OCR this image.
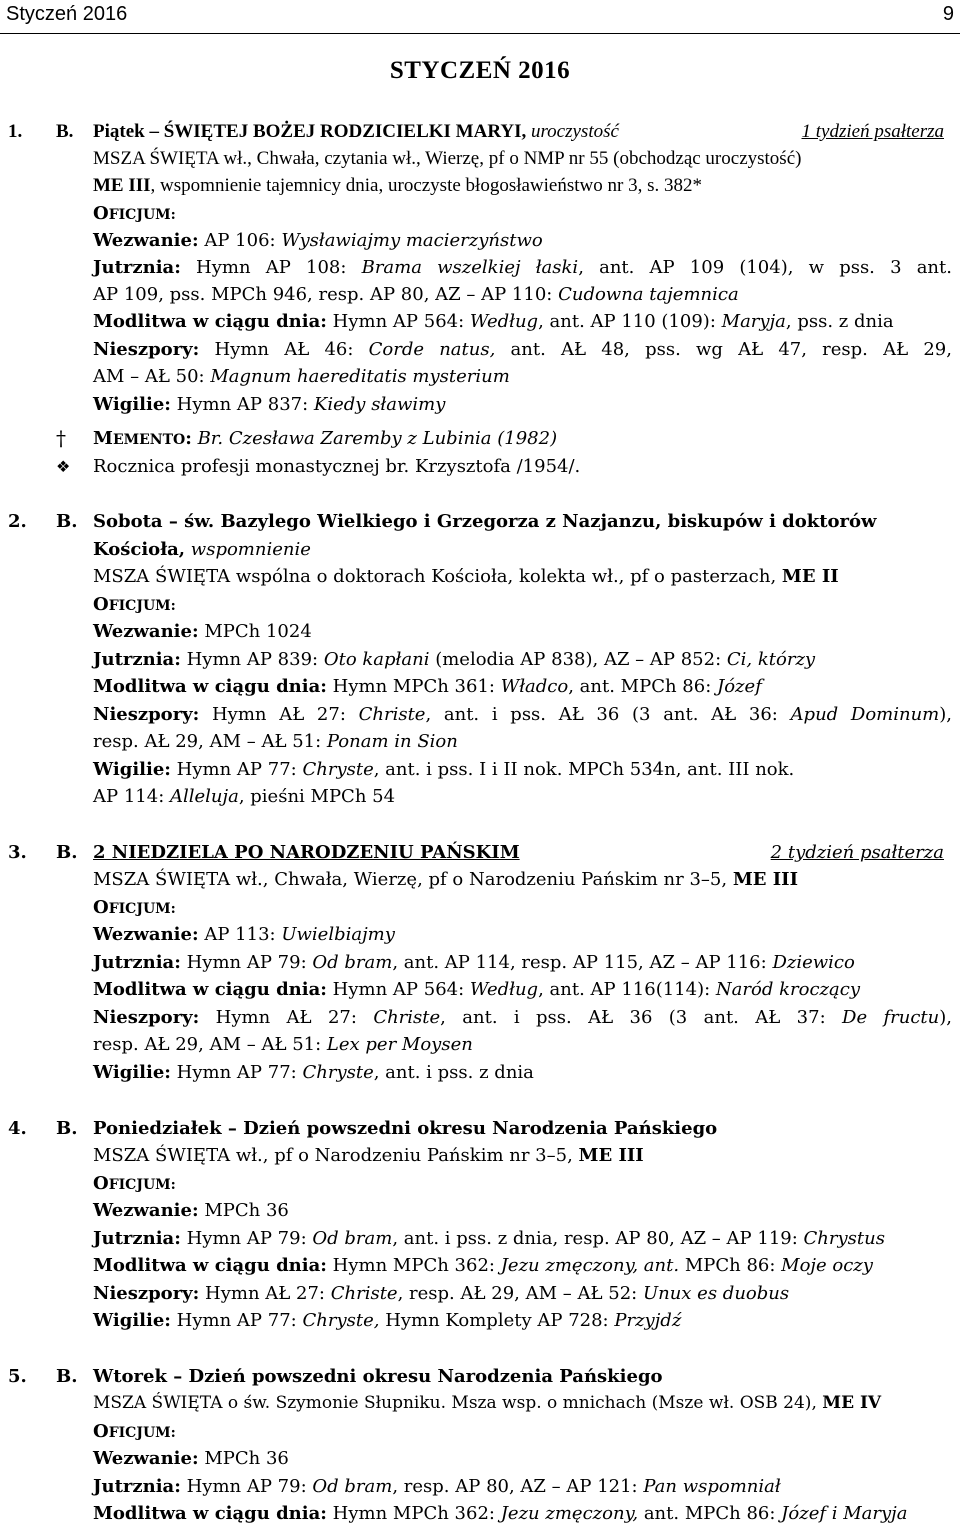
Styczeń 2016	9
STYCZEŃ 2016
1. B. Piątek – ŚWIĘTEJ BOŻEJ RODZICIELKI MARYI, uroczystość	1 tydzień psałterza
MSZA ŚWIĘTA wł., Chwała, czytania wł., Wierzę, pf o NMP nr 55 (obchodząc uroczystość)
ME III, wspomnienie tajemnicy dnia, uroczyste błogosławieństwo nr 3, s. 382*
OFICJUM:
Wezwanie: AP 106: Wysławiajmy macierzyństwo
Jutrznia: Hymn AP 108: Brama wszelkiej łaski, ant. AP 109 (104), w pss. 3 ant.
AP 109, pss. MPCh 946, resp. AP 80, AZ – AP 110: Cudowna tajemnica
Modlitwa w ciągu dnia: Hymn AP 564: Według, ant. AP 110 (109): Maryja, pss. z dnia
Nieszpory: Hymn AŁ 46: Corde natus, ant. AŁ 48, pss. wg AŁ 47, resp. AŁ 29,
AM – AŁ 50: Magnum haereditatis mysterium
Wigilie: Hymn AP 837: Kiedy sławimy
† MEMENTO: Br. Czesława Zaremby z Lubinia (1982)
❖ Rocznica profesji monastycznej br. Krzysztofa /1954/.
2. B. Sobota – św. Bazylego Wielkiego i Grzegorza z Nazjanzu, biskupów i doktorów
Kościoła, wspomnienie
MSZA ŚWIĘTA wspólna o doktorach Kościoła, kolekta wł., pf o pasterzach, ME II
OFICJUM:
Wezwanie: MPCh 1024
Jutrznia: Hymn AP 839: Oto kapłani (melodia AP 838), AZ – AP 852: Ci, którzy
Modlitwa w ciągu dnia: Hymn MPCh 361: Władco, ant. MPCh 86: Józef
Nieszpory: Hymn AŁ 27: Christe, ant. i pss. AŁ 36 (3 ant. AŁ 36: Apud Dominum),
resp. AŁ 29, AM – AŁ 51: Ponam in Sion
Wigilie: Hymn AP 77: Chryste, ant. i pss. I i II nok. MPCh 534n, ant. III nok.
AP 114: Alleluja, pieśni MPCh 54
3. B. 2 NIEDZIELA PO NARODZENIU PAŃSKIM	2 tydzień psałterza
MSZA ŚWIĘTA wł., Chwała, Wierzę, pf o Narodzeniu Pańskim nr 3–5, ME III
OFICJUM:
Wezwanie: AP 113: Uwielbiajmy
Jutrznia: Hymn AP 79: Od bram, ant. AP 114, resp. AP 115, AZ – AP 116: Dziewico
Modlitwa w ciągu dnia: Hymn AP 564: Według, ant. AP 116(114): Naród kroczący
Nieszpory: Hymn AŁ 27: Christe, ant. i pss. AŁ 36 (3 ant. AŁ 37: De fructu),
resp. AŁ 29, AM – AŁ 51: Lex per Moysen
Wigilie: Hymn AP 77: Chryste, ant. i pss. z dnia
4. B. Poniedziałek – Dzień powszedni okresu Narodzenia Pańskiego
MSZA ŚWIĘTA wł., pf o Narodzeniu Pańskim nr 3–5, ME III
OFICJUM:
Wezwanie: MPCh 36
Jutrznia: Hymn AP 79: Od bram, ant. i pss. z dnia, resp. AP 80, AZ – AP 119: Chrystus
Modlitwa w ciągu dnia: Hymn MPCh 362: Jezu zmęczony, ant. MPCh 86: Moje oczy
Nieszpory: Hymn AŁ 27: Christe, resp. AŁ 29, AM – AŁ 52: Unux es duobus
Wigilie: Hymn AP 77: Chryste, Hymn Komplety AP 728: Przyjdź
5. B. Wtorek – Dzień powszedni okresu Narodzenia Pańskiego
MSZA ŚWIĘTA o św. Szymonie Słupniku. Msza wsp. o mnichach (Msze wł. OSB 24), ME IV
OFICJUM:
Wezwanie: MPCh 36
Jutrznia: Hymn AP 79: Od bram, resp. AP 80, AZ – AP 121: Pan wspomniał
Modlitwa w ciągu dnia: Hymn MPCh 362: Jezu zmęczony, ant. MPCh 86: Józef i Maryja
